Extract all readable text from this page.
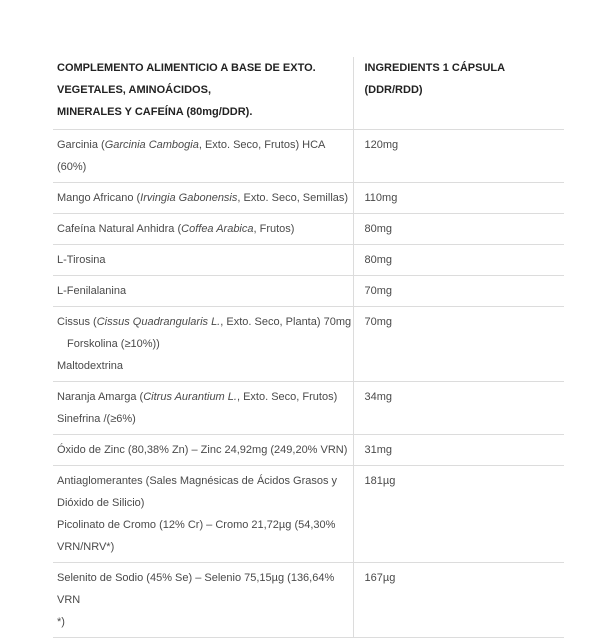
COMPLEMENTO ALIMENTICIO A BASE DE EXTO. VEGETALES, AMINOÁCIDOS,
MINERALES Y CAFEÍNA (80mg/DDR).	INGREDIENTS 1 CÁPSULA (DDR/RDD)
Garcinia (Garcinia Cambogia, Exto. Seco, Frutos) HCA (60%)	120mg
Mango Africano (Irvingia Gabonensis, Exto. Seco, Semillas)	110mg
Cafeína Natural Anhidra (Coffea Arabica, Frutos)	80mg
L-Tirosina	80mg
L-Fenilalanina	70mg

Cissus (Cissus Quadrangularis L., Exto. Seco, Planta) 70mg
Forskolina (≥10%))
Maltodextrina	70mg

Naranja Amarga (Citrus Aurantium L., Exto. Seco, Frutos)
Sinefrina /(≥6%)	34mg
Óxido de Zinc (80,38% Zn) – Zinc 24,92mg (249,20% VRN)	31mg

Antiaglomerantes (Sales Magnésicas de Ácidos Grasos y
Dióxido de Silicio)
Picolinato de Cromo (12% Cr) – Cromo 21,72µg (54,30%
VRN/NRV*)	181µg

Selenito de Sodio (45% Se) – Selenio 75,15µg (136,64% VRN
*)	167µg
